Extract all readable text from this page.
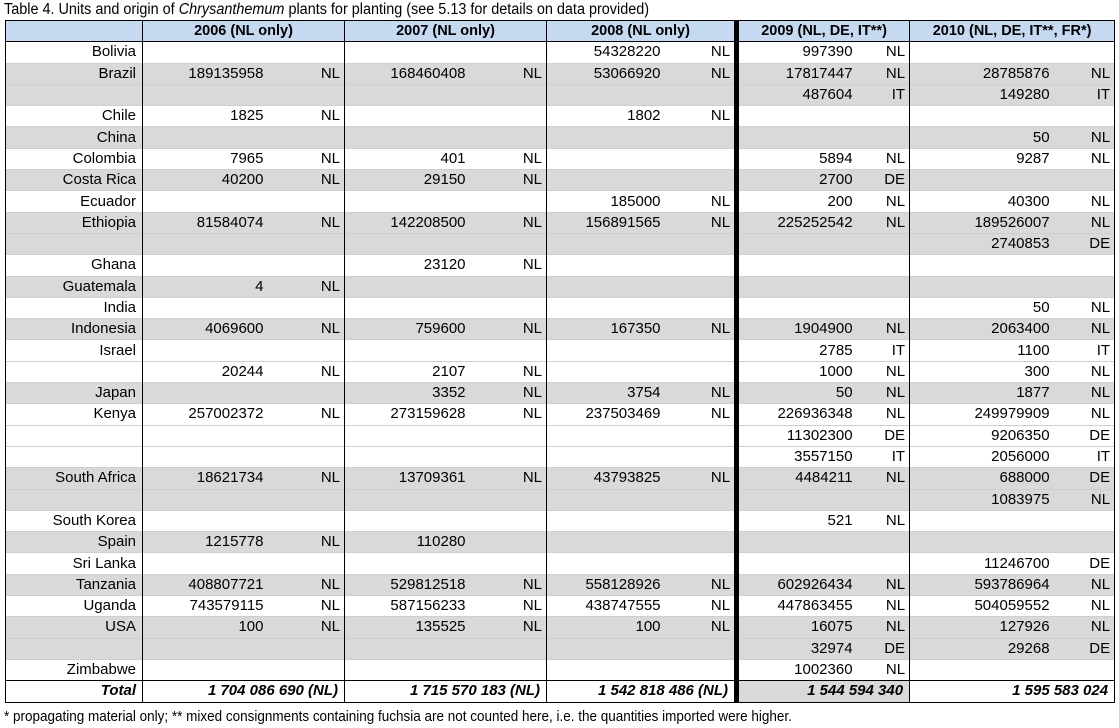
Table 4. Units and origin of Chrysanthemum plants for planting (see 5.13 for details on data provided)
	2006 (NL only)		2007 (NL only)		2008 (NL only)		2009 (NL, DE, IT**)		2010 (NL, DE, IT**, FR*)	
Bolivia					54328220	NL	997390	NL		
Brazil	189135958	NL	168460408	NL	53066920	NL	17817447	NL	28785876	NL
							487604	IT	149280	IT
Chile	1825	NL			1802	NL				
China									50	NL
Colombia	7965	NL	401	NL			5894	NL	9287	NL
Costa Rica	40200	NL	29150	NL			2700	DE		
Ecuador					185000	NL	200	NL	40300	NL
Ethiopia	81584074	NL	142208500	NL	156891565	NL	225252542	NL	189526007	NL
									2740853	DE
Ghana			23120	NL						
Guatemala	4	NL								
India									50	NL
Indonesia	4069600	NL	759600	NL	167350	NL	1904900	NL	2063400	NL
Israel							2785	IT	1100	IT
	20244	NL	2107	NL			1000	NL	300	NL
Japan			3352	NL	3754	NL	50	NL	1877	NL
Kenya	257002372	NL	273159628	NL	237503469	NL	226936348	NL	249979909	NL
							11302300	DE	9206350	DE
							3557150	IT	2056000	IT
South Africa	18621734	NL	13709361	NL	43793825	NL	4484211	NL	688000	DE
									1083975	NL
South Korea							521	NL		
Spain	1215778	NL	110280							
Sri Lanka									11246700	DE
Tanzania	408807721	NL	529812518	NL	558128926	NL	602926434	NL	593786964	NL
Uganda	743579115	NL	587156233	NL	438747555	NL	447863455	NL	504059552	NL
USA	100	NL	135525	NL	100	NL	16075	NL	127926	NL
							32974	DE	29268	DE
Zimbabwe							1002360	NL		
Total	1 704 086 690 (NL)		1 715 570 183 (NL)		1 542 818 486 (NL)		1 544 594 340		1 595 583 024	
* propagating material only; ** mixed consignments containing fuchsia are not counted here, i.e. the quantities imported were higher.
